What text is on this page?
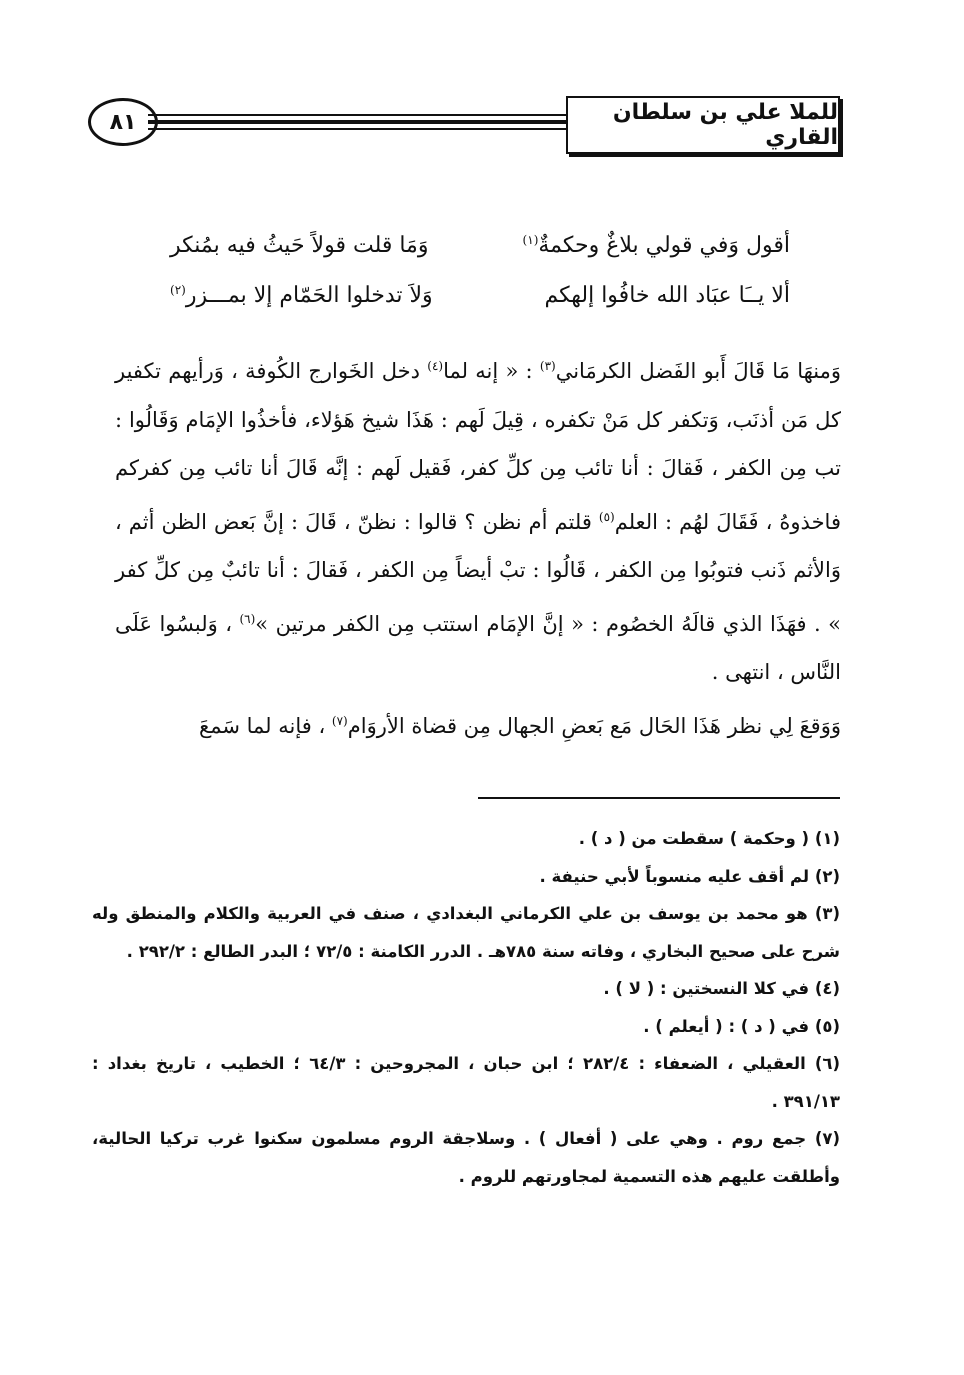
٨١	للملا علي بن سلطان القاري
أقول وَفي قولي بلاغٌ وحكمةٌ$^{(١)}$
وَمَا قلت قولاً حَيثُ فيه بمُنكر
ألا يــَا عبَاد الله خافُوا إلهكم
وَلاَ تدخلوا الحَمّام إلا بمـــزر$^{(٢)}$

وَمنهَا مَا قَالَ أَبو الفَضل الكرمَاني$^{(٣)}$ : « إنه لما$^{(٤)}$ دخل الخَوارج الكُوفة ، وَرأيهم تكفير كل مَن أذنَب، وَتكفر كل مَنْ تكفره ، قِيلَ لَهم : هَذَا شيخ هَؤلاء، فأخذُوا الإمَام وَقَالُوا : تب مِن الكفر ، فَقالَ : أنا تائب مِن كلِّ كفر، فَقيل لَهم : إنَّه قَالَ أنا تائب مِن كفركم فاخذوهُ ، فَقَالَ لهُم : العلم$^{(٥)}$ قلتم أم نظن ؟ قالوا : نظنّ ، قَالَ : إنَّ بَعض الظن أثم ، وَالأثم ذَنب فتوبُوا مِن الكفر ، قَالُوا : تبْ أيضاً مِن الكفر ، فَقالَ : أنا تائبٌ مِن كلِّ كفر » . فهَذَا الذي قالَهُ الخصُوم : « إنَّ الإمَام استتب مِن الكفر مرتين »$^{(٦)}$ ، وَلبسُوا عَلَى النَّاس ، انتهى .

وَوَقعَ لِي نظر هَذَا الحَال مَع بَعضِ الجهال مِن قضاة الأروَام$^{(٧)}$ ، فإنه لما سَمعَ

(١) ( وحكمة ) سقطت من ( د ) .

(٢) لم أقف عليه منسوباً لأبي حنيفة .

(٣) هو محمد بن يوسف بن علي الكرماني البغدادي ، صنف في العربية والكلام والمنطق وله شرح على صحيح البخاري ، وفاته سنة ٧٨٥هـ . الدرر الكامنة : ٧٢/٥ ؛ البدر الطالع : ٢٩٢/٢ .

(٤) في كلا النسختين : ( لا ) .

(٥) في ( د ) : ( أيعلم ) .

(٦) العقيلي ، الضعفاء : ٢٨٢/٤ ؛ ابن حبان ، المجروحين : ٦٤/٣ ؛ الخطيب ، تاريخ بغداد : ٣٩١/١٣ .

(٧) جمع روم . وهي على ( أفعال ) . وسلاجقة الروم مسلمون سكنوا غرب تركيا الحالية، وأطلقت عليهم هذه التسمية لمجاورتهم للروم .
